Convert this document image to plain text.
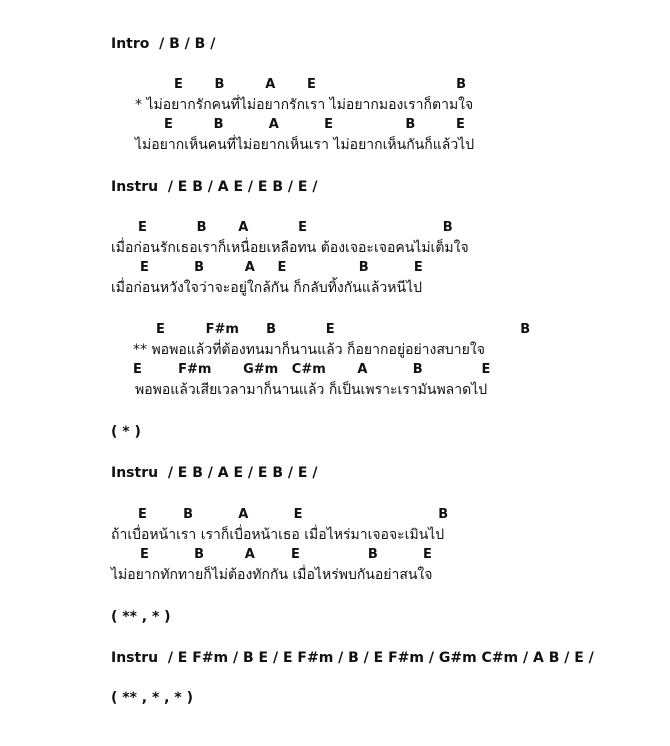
Intro  / B / B /
E       B         A       E                               B
* ไม่อยากรักคนที่ไม่อยากรักเรา ไม่อยากมองเราก็ตามใจ
E         B          A          E                B         E
ไม่อยากเห็นคนที่ไม่อยากเห็นเรา ไม่อยากเห็นกันก็แล้วไป
Instru  / E B / A E / E B / E /
E           B       A           E                              B
เมื่อก่อนรักเธอเราก็เหนื่อยเหลือทน ต้องเจอะเจอคนไม่เต็มใจ
E          B         A     E                B          E
เมื่อก่อนหวังใจว่าจะอยู่ใกล้กัน ก็กลับทิ้งกันแล้วหนีไป
E         F#m      B           E                                         B
** พอพอแล้วที่ต้องทนมาก็นานแล้ว ก็อยากอยู่อย่างสบายใจ
E        F#m       G#m   C#m       A          B             E
พอพอแล้วเสียเวลามาก็นานแล้ว ก็เป็นเพราะเรามันพลาดไป
( * )
Instru  / E B / A E / E B / E /
E        B          A          E                              B
ถ้าเบื่อหน้าเรา เราก็เบื่อหน้าเธอ เมื่อไหร่มาเจอจะเมินไป
E          B         A        E               B          E
ไม่อยากทักทายก็ไม่ต้องทักกัน เมื่อไหร่พบกันอย่าสนใจ
( ** , * )
Instru  / E F#m / B E / E F#m / B / E F#m / G#m C#m / A B / E /
( ** , * , * )
